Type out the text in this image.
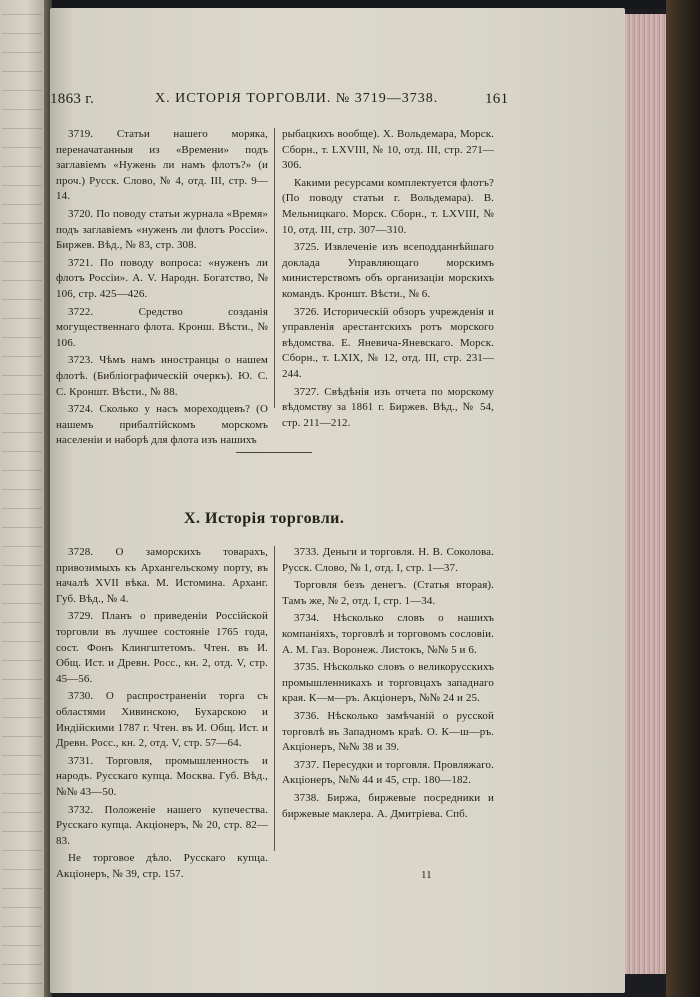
1863 г.	X. ИСТОРІЯ ТОРГОВЛИ. № 3719—3738.	161

3719. Статьи нашего моряка, переначатанныя из «Времени» подъ заглавіемъ «Нужень ли намъ флотъ?» (и проч.) Русск. Слово, № 4, отд. III, стр. 9—14.

3720. По поводу статьи журнала «Время» подъ заглавіемъ «нуженъ ли флотъ Россіи». Биржев. Вѣд., № 83, стр. 308.

3721. По поводу вопроса: «нуженъ ли флотъ Россіи». А. V. Народн. Богатство, № 106, стр. 425—426.

3722. Средство созданія могущественнаго флота. Кронш. Вѣсти., № 106.

3723. Чѣмъ намъ иностранцы о нашем флотѣ. (Библіографическій очеркъ). Ю. С. С. Кроншт. Вѣсти., № 88.

3724. Сколько у насъ мореходцевъ? (О нашемъ прибалтійскомъ морскомъ населеніи и наборѣ для флота изъ нашихъ

рыбацкихъ вообще). Х. Вольдемара, Морск. Сборн., т. LXVIII, № 10, отд. III, стр. 271—306.

Какими ресурсами комплектуется флотъ? (По поводу статьи г. Вольдемара). В. Мельницкаго. Морск. Сборн., т. LXVIII, № 10, отд. III, стр. 307—310.

3725. Извлеченіе изъ всеподданнѣйшаго доклада Управляющаго морскимъ министерствомъ объ организаціи морскихъ командъ. Кроншт. Вѣсти., № 6.

3726. Историческій обзоръ учрежденія и управленія арестантскихъ ротъ морского вѣдомства. Е. Яневича-Яневскаго. Морск. Сборн., т. LXIX, № 12, отд. III, стр. 231—244.

3727. Свѣдѣнія изъ отчета по морскому вѣдомству за 1861 г. Биржев. Вѣд., № 54, стр. 211—212.

X. Исторія торговли.

3728. О заморскихъ товарахъ, привозимыхъ къ Архангельскому порту, въ началѣ XVII вѣка. М. Истомина. Арханг. Губ. Вѣд., № 4.

3729. Планъ о приведеніи Россійской торговли въ лучшее состояніе 1765 года, сост. Фонъ Клингштетомъ. Чтен. въ И. Общ. Ист. и Древн. Росс., кн. 2, отд. V, стр. 45—56.

3730. О распространеніи торга съ областями Хивинскою, Бухарскою и Индійскими 1787 г. Чтен. въ И. Общ. Ист. и Древн. Росс., кн. 2, отд. V, стр. 57—64.

3731. Торговля, промышленность и народъ. Русскаго купца. Москва. Губ. Вѣд., №№ 43—50.

3732. Положеніе нашего купечества. Русскаго купца. Акціонеръ, № 20, стр. 82—83.

Не торговое дѣло. Русскаго купца. Акціонеръ, № 39, стр. 157.

3733. Деньги и торговля. Н. В. Соколова. Русск. Слово, № 1, отд. I, стр. 1—37.

Торговля безъ денегъ. (Статья вторая). Тамъ же, № 2, отд. I, стр. 1—34.

3734. Нѣсколько словъ о нашихъ компаніяхъ, торговлѣ и торговомъ сословіи. А. М. Газ. Воронеж. Листокъ, №№ 5 и 6.

3735. Нѣсколько словъ о великорусскихъ промышленникахъ и торговцахъ западнаго края. К—м—ръ. Акціонеръ, №№ 24 и 25.

3736. Нѣсколько замѣчаній о русской торговлѣ въ Западномъ краѣ. О. К—ш—ръ. Акціонеръ, №№ 38 и 39.

3737. Пересудки и торговля. Провляжаго. Акціонеръ, №№ 44 и 45, стр. 180—182.

3738. Биржа, биржевые посредники и биржевые маклера. А. Дмитріева. Спб.

11
